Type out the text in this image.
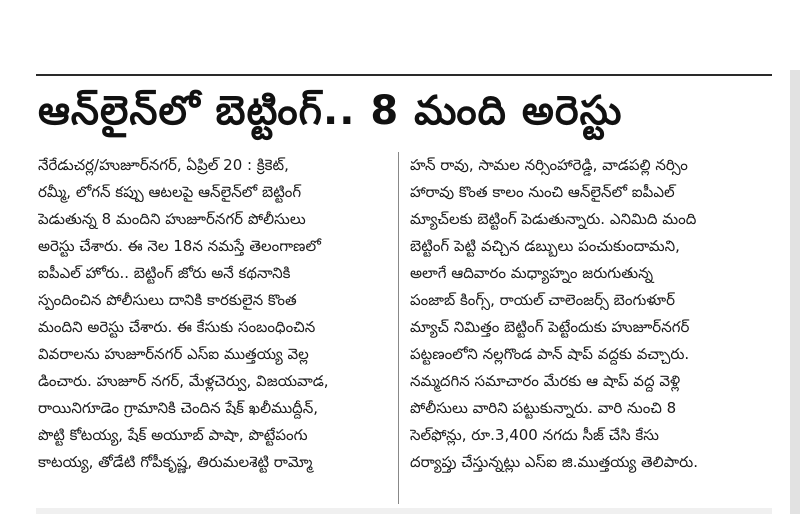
ఆన్‌లైన్‌లో బెట్టింగ్.. 8 మంది అరెస్టు
నేరేడుచర్ల/హుజూర్‌నగర్, ఏప్రిల్ 20 : క్రికెట్,
రమ్మీ, లోగన్ కప్పు ఆటలపై ఆన్‌లైన్‌లో బెట్టింగ్
పెడుతున్న 8 మందిని హుజూర్‌నగర్ పోలీసులు
అరెస్టు చేశారు. ఈ నెల 18న నమస్తే తెలంగాణలో
ఐపీఎల్ హోరు.. బెట్టింగ్ జోరు అనే కథనానికి
స్పందించిన పోలీసులు దానికి కారకులైన కొంత
మందిని అరెస్టు చేశారు. ఈ కేసుకు సంబంధించిన
వివరాలను హుజూర్‌నగర్ ఎస్‌ఐ ముత్తయ్య వెల్ల
డించారు. హుజూర్ నగర్, మేళ్లచెర్వు, విజయవాడ,
రాయినిగూడెం గ్రామానికి చెందిన షేక్ ఖలీముద్దీన్,
పొట్టి కోటయ్య, షేక్ అయూబ్ పాషా, పొట్టేపంగు
కాటయ్య, తోడేటి గోపీకృష్ణ, తిరుమలశెట్టి రామ్మో
హన్ రావు, సామల నర్సింహారెడ్డి, వాడపల్లి నర్సిం
హారావు కొంత కాలం నుంచి ఆన్‌లైన్‌లో ఐపీఎల్
మ్యాచ్‌లకు బెట్టింగ్ పెడుతున్నారు. ఎనిమిది మంది
బెట్టింగ్ పెట్టి వచ్చిన డబ్బులు పంచుకుందామని,
అలాగే ఆదివారం మధ్యాహ్నం జరుగుతున్న
పంజాబ్ కింగ్స్, రాయల్ చాలెంజర్స్ బెంగుళూర్
మ్యాచ్ నిమిత్తం బెట్టింగ్ పెట్టేందుకు హుజూర్‌నగర్
పట్టణంలోని నల్లగొండ పాన్ షాప్ వద్దకు వచ్చారు.
నమ్మదగిన సమాచారం మేరకు ఆ షాప్ వద్ద వెళ్లి
పోలీసులు వారిని పట్టుకున్నారు. వారి నుంచి 8
సెల్‌ఫోన్లు, రూ.3,400 నగదు సీజ్ చేసి కేసు
దర్యాప్తు చేస్తున్నట్లు ఎస్‌ఐ జి.ముత్తయ్య తెలిపారు.
